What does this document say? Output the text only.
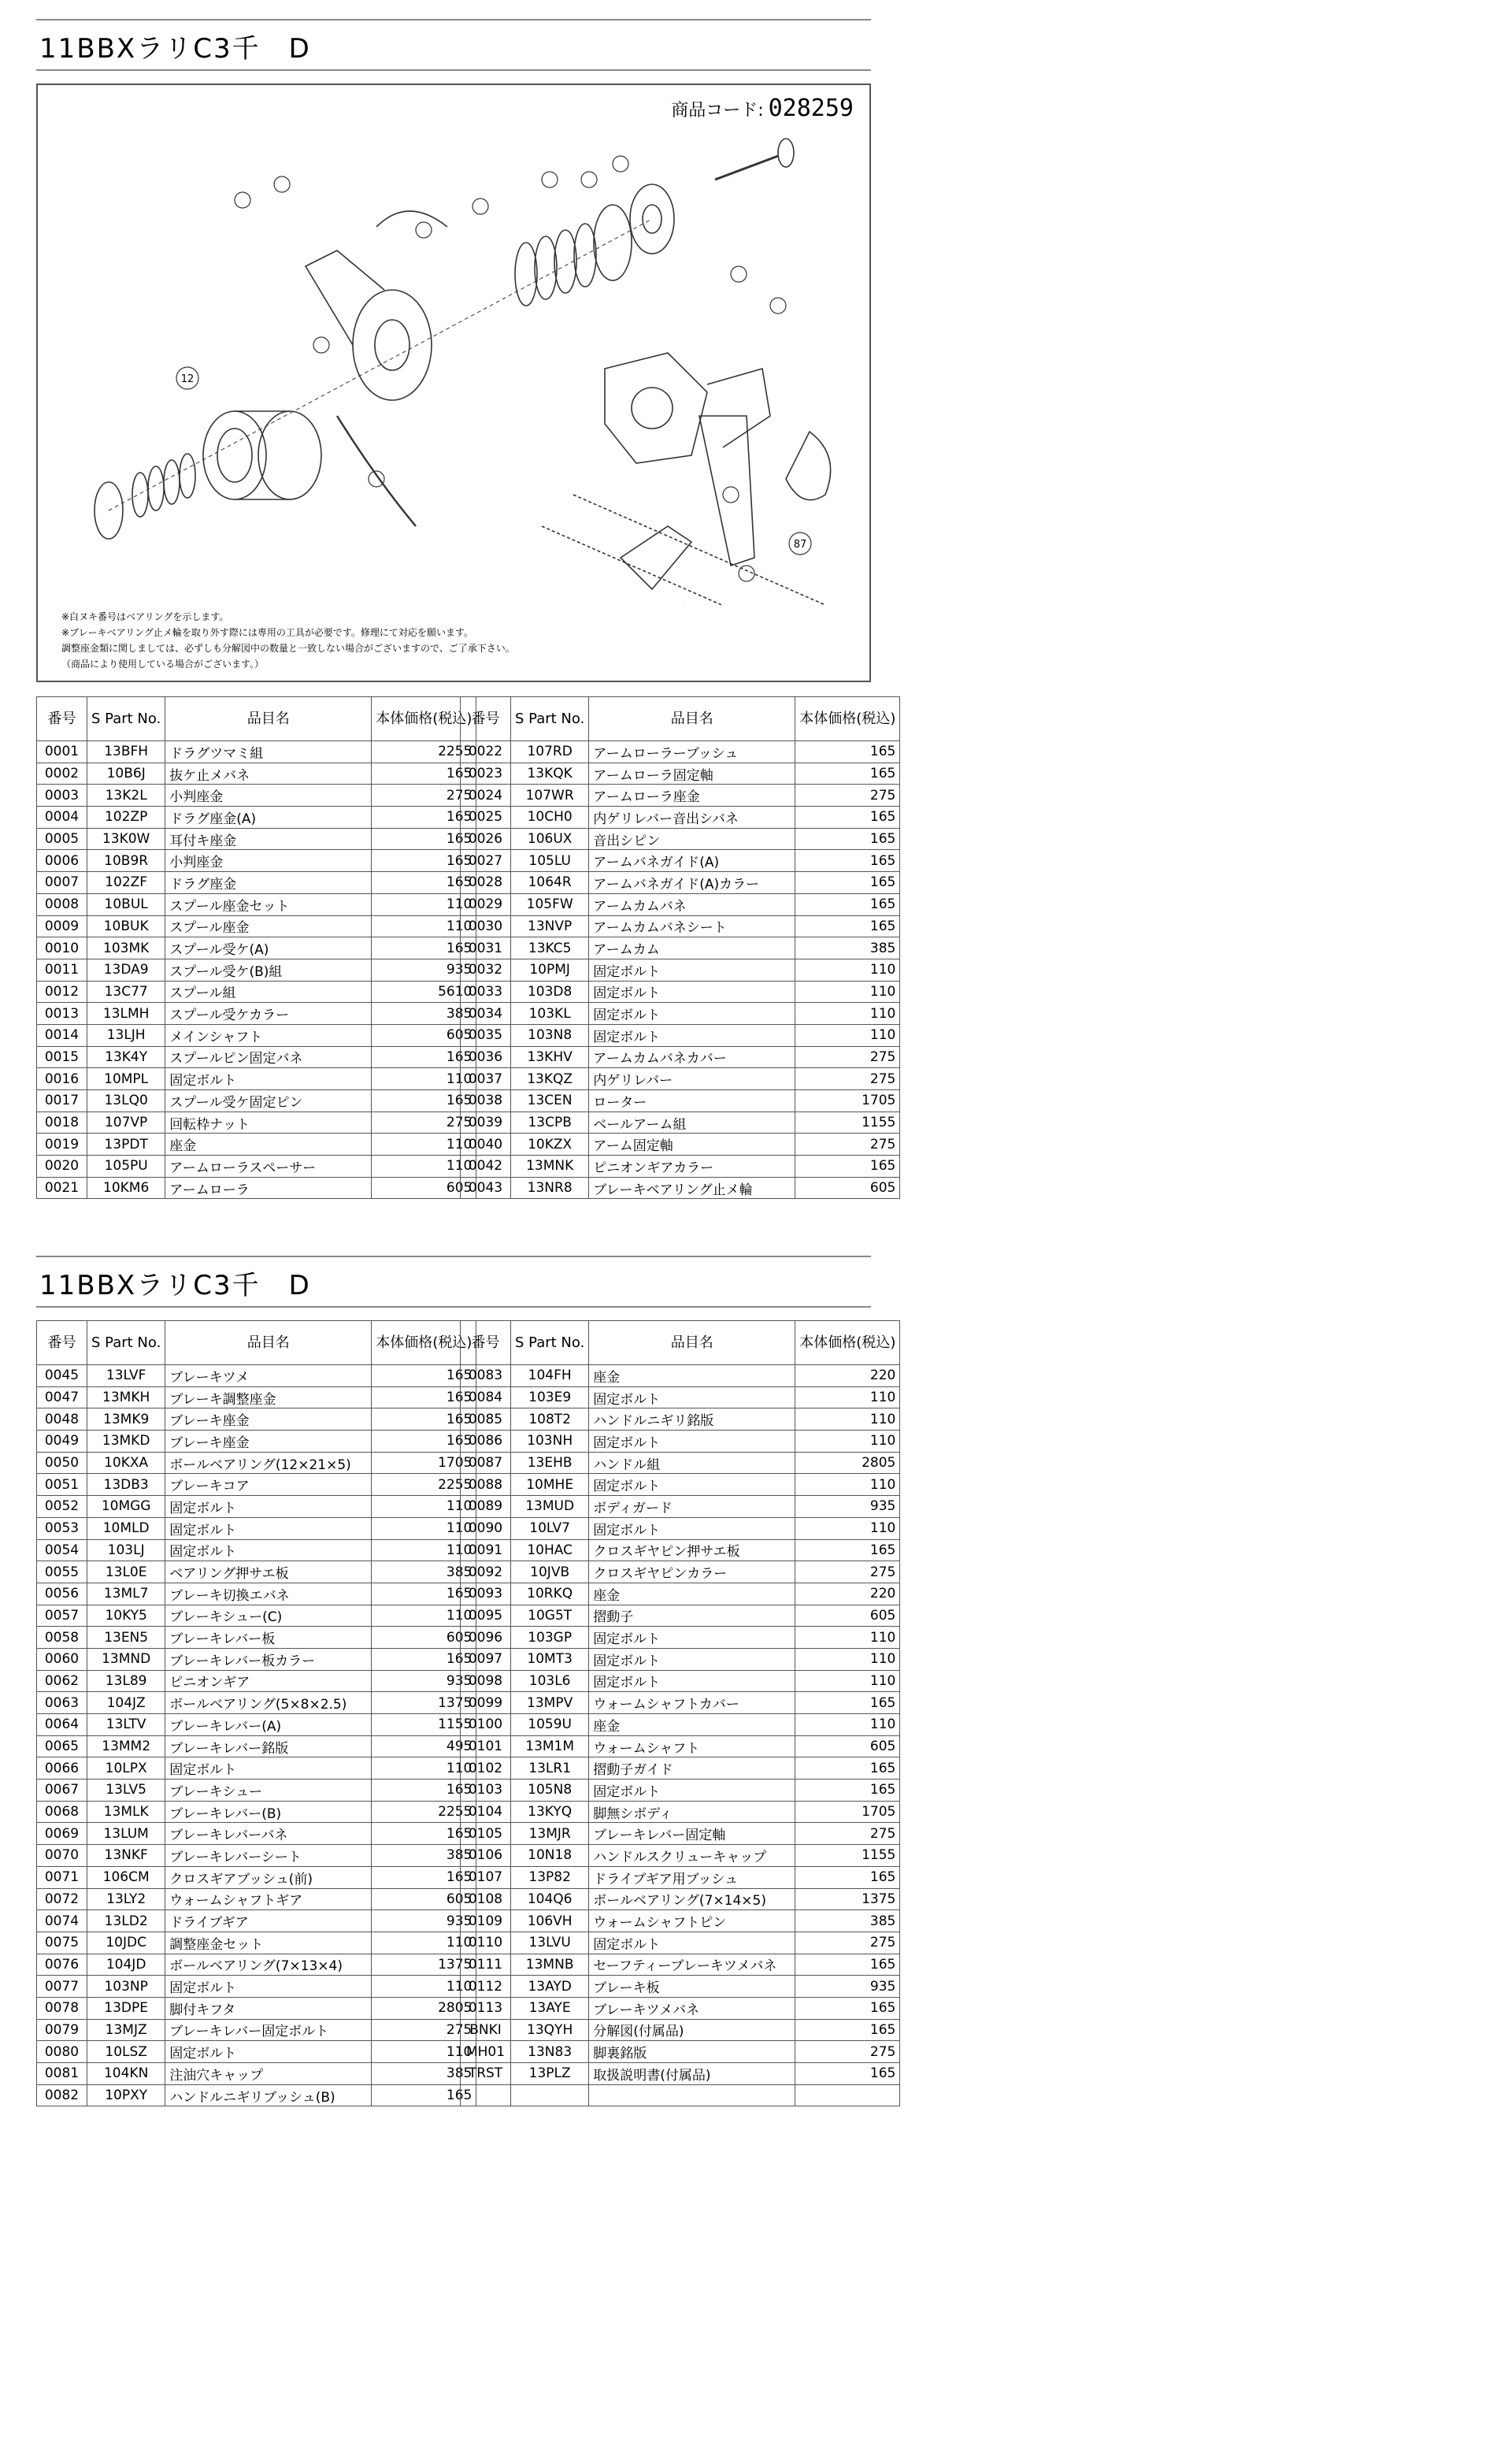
11BBXラリC3千　D
商品コード: 028259
12
87
※白ヌキ番号はベアリングを示します。
※ブレーキベアリング止メ輪を取り外す際には専用の工具が必要です。修理にて対応を願います。
調整座金類に関しましては、必ずしも分解図中の数量と一致しない場合がございますので、ご了承下さい。
（商品により使用している場合がございます。）
番号	S Part No.	品目名	本体価格(税込)
0001	13BFH	ドラグツマミ組	2255
0002	10B6J	抜ケ止メバネ	165
0003	13K2L	小判座金	275
0004	102ZP	ドラグ座金(A)	165
0005	13K0W	耳付キ座金	165
0006	10B9R	小判座金	165
0007	102ZF	ドラグ座金	165
0008	10BUL	スプール座金セット	110
0009	10BUK	スプール座金	110
0010	103MK	スプール受ケ(A)	165
0011	13DA9	スプール受ケ(B)組	935
0012	13C77	スプール組	5610
0013	13LMH	スプール受ケカラー	385
0014	13LJH	メインシャフト	605
0015	13K4Y	スプールピン固定バネ	165
0016	10MPL	固定ボルト	110
0017	13LQ0	スプール受ケ固定ピン	165
0018	107VP	回転枠ナット	275
0019	13PDT	座金	110
0020	105PU	アームローラスペーサー	110
0021	10KM6	アームローラ	605
番号	S Part No.	品目名	本体価格(税込)
0022	107RD	アームローラーブッシュ	165
0023	13KQK	アームローラ固定軸	165
0024	107WR	アームローラ座金	275
0025	10CH0	内ゲリレバー音出シバネ	165
0026	106UX	音出シピン	165
0027	105LU	アームバネガイド(A)	165
0028	1064R	アームバネガイド(A)カラー	165
0029	105FW	アームカムバネ	165
0030	13NVP	アームカムバネシート	165
0031	13KC5	アームカム	385
0032	10PMJ	固定ボルト	110
0033	103D8	固定ボルト	110
0034	103KL	固定ボルト	110
0035	103N8	固定ボルト	110
0036	13KHV	アームカムバネカバー	275
0037	13KQZ	内ゲリレバー	275
0038	13CEN	ローター	1705
0039	13CPB	ベールアーム組	1155
0040	10KZX	アーム固定軸	275
0042	13MNK	ピニオンギアカラー	165
0043	13NR8	ブレーキベアリング止メ輪	605
11BBXラリC3千　D
番号	S Part No.	品目名	本体価格(税込)
0045	13LVF	ブレーキツメ	165
0047	13MKH	ブレーキ調整座金	165
0048	13MK9	ブレーキ座金	165
0049	13MKD	ブレーキ座金	165
0050	10KXA	ボールベアリング(12×21×5)	1705
0051	13DB3	ブレーキコア	2255
0052	10MGG	固定ボルト	110
0053	10MLD	固定ボルト	110
0054	103LJ	固定ボルト	110
0055	13L0E	ベアリング押サエ板	385
0056	13ML7	ブレーキ切換エバネ	165
0057	10KY5	ブレーキシュー(C)	110
0058	13EN5	ブレーキレバー板	605
0060	13MND	ブレーキレバー板カラー	165
0062	13L89	ピニオンギア	935
0063	104JZ	ボールベアリング(5×8×2.5)	1375
0064	13LTV	ブレーキレバー(A)	1155
0065	13MM2	ブレーキレバー銘版	495
0066	10LPX	固定ボルト	110
0067	13LV5	ブレーキシュー	165
0068	13MLK	ブレーキレバー(B)	2255
0069	13LUM	ブレーキレバーバネ	165
0070	13NKF	ブレーキレバーシート	385
0071	106CM	クロスギアブッシュ(前)	165
0072	13LY2	ウォームシャフトギア	605
0074	13LD2	ドライブギア	935
0075	10JDC	調整座金セット	110
0076	104JD	ボールベアリング(7×13×4)	1375
0077	103NP	固定ボルト	110
0078	13DPE	脚付キフタ	2805
0079	13MJZ	ブレーキレバー固定ボルト	275
0080	10LSZ	固定ボルト	110
0081	104KN	注油穴キャップ	385
0082	10PXY	ハンドルニギリブッシュ(B)	165
番号	S Part No.	品目名	本体価格(税込)
0083	104FH	座金	220
0084	103E9	固定ボルト	110
0085	108T2	ハンドルニギリ銘版	110
0086	103NH	固定ボルト	110
0087	13EHB	ハンドル組	2805
0088	10MHE	固定ボルト	110
0089	13MUD	ボディガード	935
0090	10LV7	固定ボルト	110
0091	10HAC	クロスギヤピン押サエ板	165
0092	10JVB	クロスギヤピンカラー	275
0093	10RKQ	座金	220
0095	10G5T	摺動子	605
0096	103GP	固定ボルト	110
0097	10MT3	固定ボルト	110
0098	103L6	固定ボルト	110
0099	13MPV	ウォームシャフトカバー	165
0100	1059U	座金	110
0101	13M1M	ウォームシャフト	605
0102	13LR1	摺動子ガイド	165
0103	105N8	固定ボルト	165
0104	13KYQ	脚無シボディ	1705
0105	13MJR	ブレーキレバー固定軸	275
0106	10N18	ハンドルスクリューキャップ	1155
0107	13P82	ドライブギア用ブッシュ	165
0108	104Q6	ボールベアリング(7×14×5)	1375
0109	106VH	ウォームシャフトピン	385
0110	13LVU	固定ボルト	275
0111	13MNB	セーフティーブレーキツメバネ	165
0112	13AYD	ブレーキ板	935
0113	13AYE	ブレーキツメバネ	165
BNKI	13QYH	分解図(付属品)	165
MH01	13N83	脚裏銘版	275
TRST	13PLZ	取扱説明書(付属品)	165
